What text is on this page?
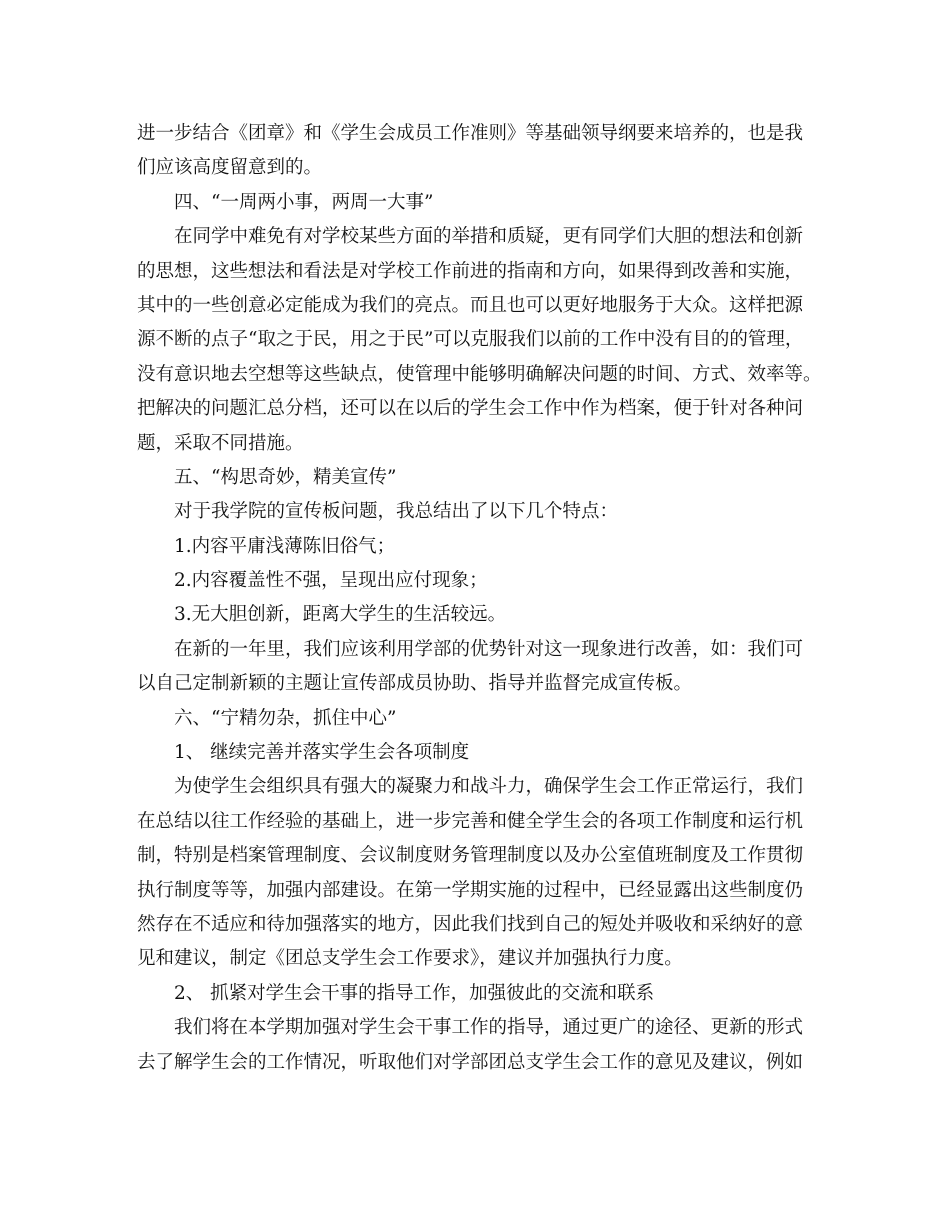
进一步结合《团章》和《学生会成员工作准则》等基础领导纲要来培养的，也是我
们应该高度留意到的。
四、“一周两小事，两周一大事”
在同学中难免有对学校某些方面的举措和质疑，更有同学们大胆的想法和创新
的思想，这些想法和看法是对学校工作前进的指南和方向，如果得到改善和实施，
其中的一些创意必定能成为我们的亮点。而且也可以更好地服务于大众。这样把源
源不断的点子“取之于民，用之于民”可以克服我们以前的工作中没有目的的管理，
没有意识地去空想等这些缺点，使管理中能够明确解决问题的时间、方式、效率等。
把解决的问题汇总分档，还可以在以后的学生会工作中作为档案，便于针对各种问
题，采取不同措施。
五、“构思奇妙，精美宣传”
对于我学院的宣传板问题，我总结出了以下几个特点：
1.内容平庸浅薄陈旧俗气；
2.内容覆盖性不强，呈现出应付现象；
3.无大胆创新，距离大学生的生活较远。
在新的一年里，我们应该利用学部的优势针对这一现象进行改善，如：我们可
以自己定制新颖的主题让宣传部成员协助、指导并监督完成宣传板。
六、“宁精勿杂，抓住中心”
1、 继续完善并落实学生会各项制度
为使学生会组织具有强大的凝聚力和战斗力，确保学生会工作正常运行，我们
在总结以往工作经验的基础上，进一步完善和健全学生会的各项工作制度和运行机
制，特别是档案管理制度、会议制度财务管理制度以及办公室值班制度及工作贯彻
执行制度等等，加强内部建设。在第一学期实施的过程中，已经显露出这些制度仍
然存在不适应和待加强落实的地方，因此我们找到自己的短处并吸收和采纳好的意
见和建议，制定《团总支学生会工作要求》，建议并加强执行力度。
2、 抓紧对学生会干事的指导工作，加强彼此的交流和联系
我们将在本学期加强对学生会干事工作的指导，通过更广的途径、更新的形式
去了解学生会的工作情况，听取他们对学部团总支学生会工作的意见及建议，例如
